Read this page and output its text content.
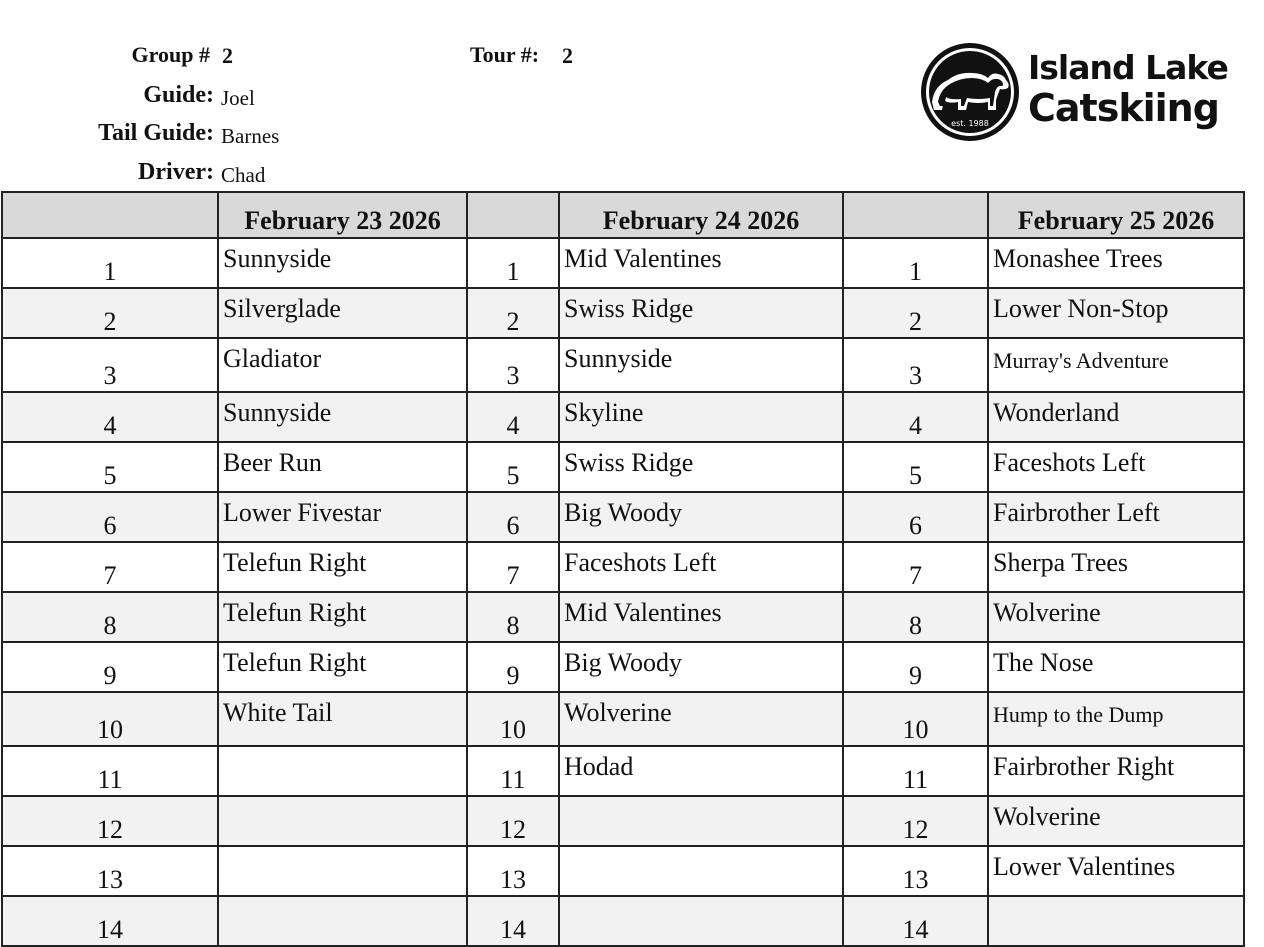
Group # 2	Tour #: 2
Guide: Joel
Tail Guide: Barnes
Driver: Chad
est. 1988
Island Lake
Catskiing
	February 23 2026		February 24 2026		February 25 2026
1	Sunnyside	1	Mid Valentines	1	Monashee Trees
2	Silverglade	2	Swiss Ridge	2	Lower Non-Stop
3	Gladiator	3	Sunnyside	3	Murray's Adventure
4	Sunnyside	4	Skyline	4	Wonderland
5	Beer Run	5	Swiss Ridge	5	Faceshots Left
6	Lower Fivestar	6	Big Woody	6	Fairbrother Left
7	Telefun Right	7	Faceshots Left	7	Sherpa Trees
8	Telefun Right	8	Mid Valentines	8	Wolverine
9	Telefun Right	9	Big Woody	9	The Nose
10	White Tail	10	Wolverine	10	Hump to the Dump
11		11	Hodad	11	Fairbrother Right
12		12		12	Wolverine
13		13		13	Lower Valentines
14		14		14	
